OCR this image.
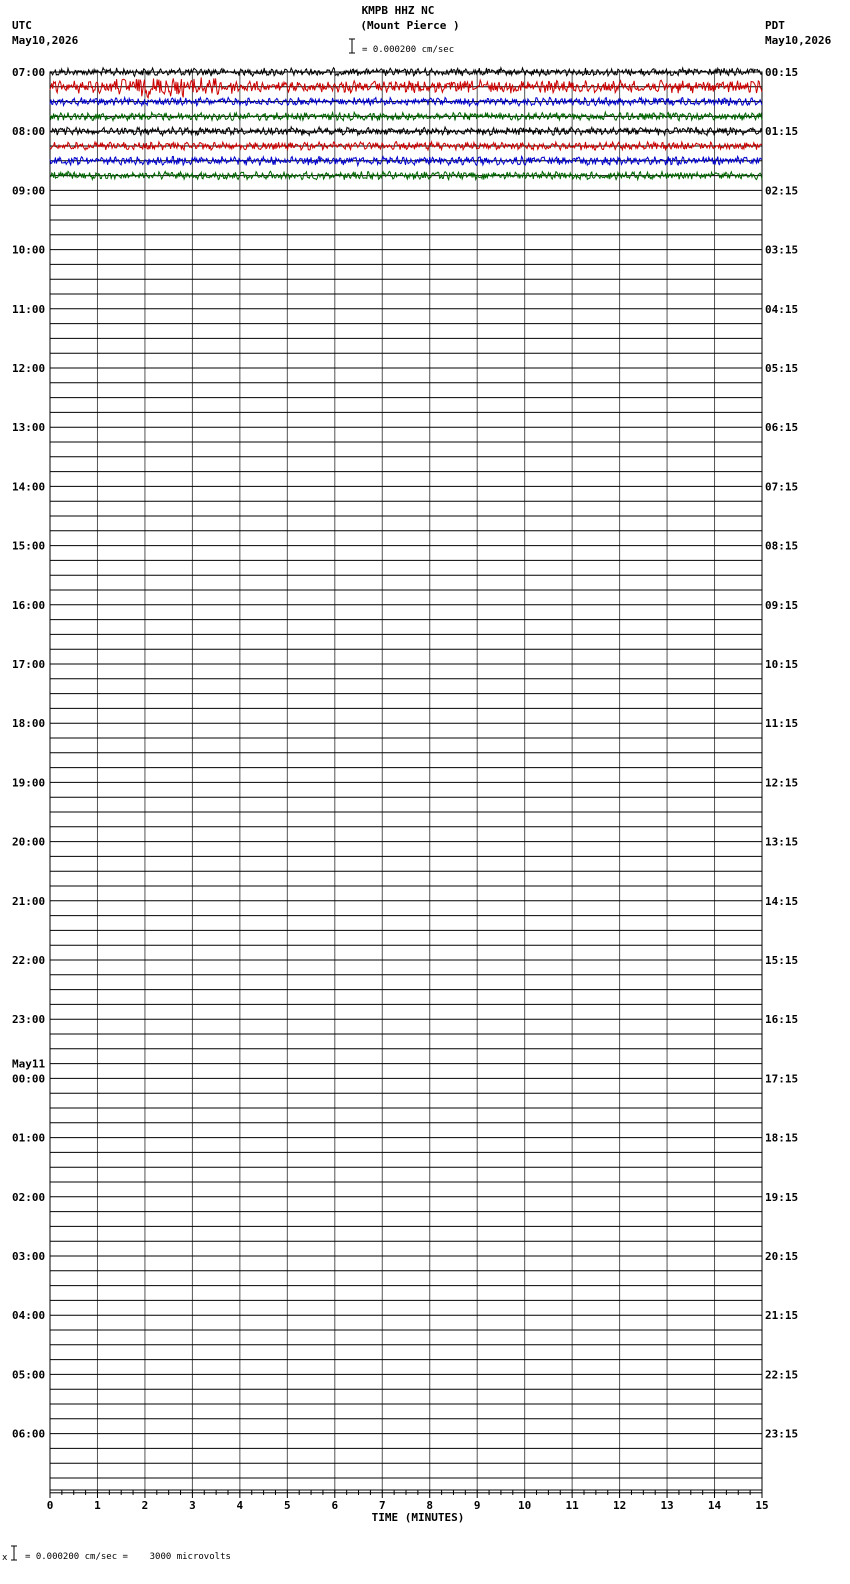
KMPB HHZ NC
(Mount Pierce )
= 0.000200 cm/sec
UTC
May10,2026
PDT
May10,2026
07:00
08:00
09:00
10:00
11:00
12:00
13:00
14:00
15:00
16:00
17:00
18:00
19:00
20:00
21:00
22:00
23:00
00:00
May11
01:00
02:00
03:00
04:00
05:00
06:00
00:15
01:15
02:15
03:15
04:15
05:15
06:15
07:15
08:15
09:15
10:15
11:15
12:15
13:15
14:15
15:15
16:15
17:15
18:15
19:15
20:15
21:15
22:15
23:15
0	1	2	3	4	5	6	7	8	9	10	11	12	13	14	15
TIME (MINUTES)
x = 0.000200 cm/sec =    3000 microvolts
